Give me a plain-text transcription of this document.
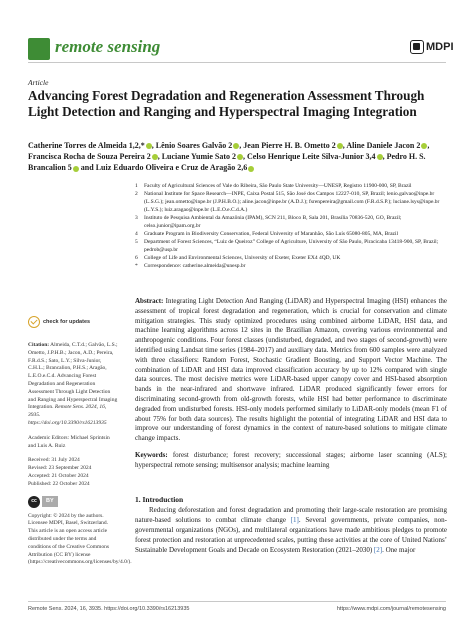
remote sensing	MDPI
Article
Advancing Forest Degradation and Regeneration Assessment Through Light Detection and Ranging and Hyperspectral Imaging Integration
Catherine Torres de Almeida 1,2,* , Lênio Soares Galvão 2 , Jean Pierre H. B. Ometto 2 , Aline Daniele Jacon 2 , Francisca Rocha de Souza Pereira 2 , Luciane Yumie Sato 2 , Celso Henrique Leite Silva-Junior 3,4 , Pedro H. S. Brancalion 5 and Luiz Eduardo Oliveira e Cruz de Aragão 2,6
1	Faculty of Agricultural Sciences of Vale do Ribeira, São Paulo State University—UNESP, Registro 11900-000, SP, Brazil
2	National Institute for Space Research—INPE, Caixa Postal 515, São José dos Campos 12227-010, SP, Brazil; lenio.galvao@inpe.br (L.S.G.); jean.ometto@inpe.br (J.P.H.B.O.); aline.jacon@inpe.br (A.D.J.); fsrenpereira@gmail.com (F.R.d.S.P.); luciane.lsys@inpe.br (L.Y.S.); luiz.aragao@inpe.br (L.E.O.e.C.d.A.)
3	Instituto de Pesquisa Ambiental da Amazônia (IPAM), SCN 211, Bloco B, Sala 201, Brasília 70836-520, GO, Brazil; celso.junior@ipam.org.br
4	Graduate Program in Biodiversity Conservation, Federal University of Maranhão, São Luís 65080-805, MA, Brazil
5	Department of Forest Sciences, “Luiz de Queiroz” College of Agriculture, University of São Paulo, Piracicaba 13418-900, SP, Brazil; pedrob@usp.br
6	College of Life and Environmental Sciences, University of Exeter, Exeter EX4 4QD, UK
*	Correspondence: catherine.almeida@unesp.br
check for updates
Citation: Almeida, C.T.d.; Galvão, L.S.; Ometto, J.P.H.B.; Jacon, A.D.; Pereira, F.R.d.S.; Sato, L.Y.; Silva-Junior, C.H.L.; Brancalion, P.H.S.; Aragão, L.E.O.e.C.d. Advancing Forest Degradation and Regeneration Assessment Through Light Detection and Ranging and Hyperspectral Imaging Integration. Remote Sens. 2024, 16, 3935. https://doi.org/10.3390/rs16213935
Academic Editors: Michael Sprintsin and Luis A. Ruiz
Received: 31 July 2024
Revised: 23 September 2024
Accepted: 21 October 2024
Published: 22 October 2024
cc	BY
Copyright: © 2024 by the authors. Licensee MDPI, Basel, Switzerland. This article is an open access article distributed under the terms and conditions of the Creative Commons Attribution (CC BY) license (https://creativecommons.org/licenses/by/4.0/).

Abstract: Integrating Light Detection And Ranging (LiDAR) and Hyperspectral Imaging (HSI) enhances the assessment of tropical forest degradation and regeneration, which is crucial for conservation and climate mitigation strategies. This study optimized procedures using combined airborne LiDAR, HSI data, and machine learning algorithms across 12 sites in the Brazilian Amazon, covering various environmental and anthropogenic conditions. Four forest classes (undisturbed, degraded, and two stages of second-growth) were identified using Landsat time series (1984–2017) and auxiliary data. Metrics from 600 samples were analyzed with three classifiers: Random Forest, Stochastic Gradient Boosting, and Support Vector Machine. The combination of LiDAR and HSI data improved classification accuracy by up to 12% compared with single data sources. The most decisive metrics were LiDAR-based upper canopy cover and HSI-based absorption bands in the near-infrared and shortwave infrared. LiDAR produced significantly fewer errors for discriminating second-growth from old-growth forests, while HSI had better performance to discriminate degraded from undisturbed forests. HSI-only models performed similarly to LiDAR-only models (mean F1 of about 75% for both data sources). The results highlight the potential of integrating LiDAR and HSI data to improve our understanding of forest dynamics in the context of nature-based solutions to mitigate climate change impacts.

Keywords: forest disturbance; forest recovery; successional stages; airborne laser scanning (ALS); hyperspectral remote sensing; multisensor analysis; machine learning

1. Introduction

Reducing deforestation and forest degradation and promoting their large-scale restoration are promising nature-based solutions to combat climate change [1]. Several governments, private companies, non-governmental organizations (NGOs), and multilateral organizations have made ambitious pledges to promote forest protection and restoration at unprecedented scales, putting these activities at the core of United Nations’ Sustainable Development Goals and Decade on Ecosystem Restoration (2021–2030) [2]. One major

Remote Sens. 2024, 16, 3935. https://doi.org/10.3390/rs16213935	https://www.mdpi.com/journal/remotesensing
